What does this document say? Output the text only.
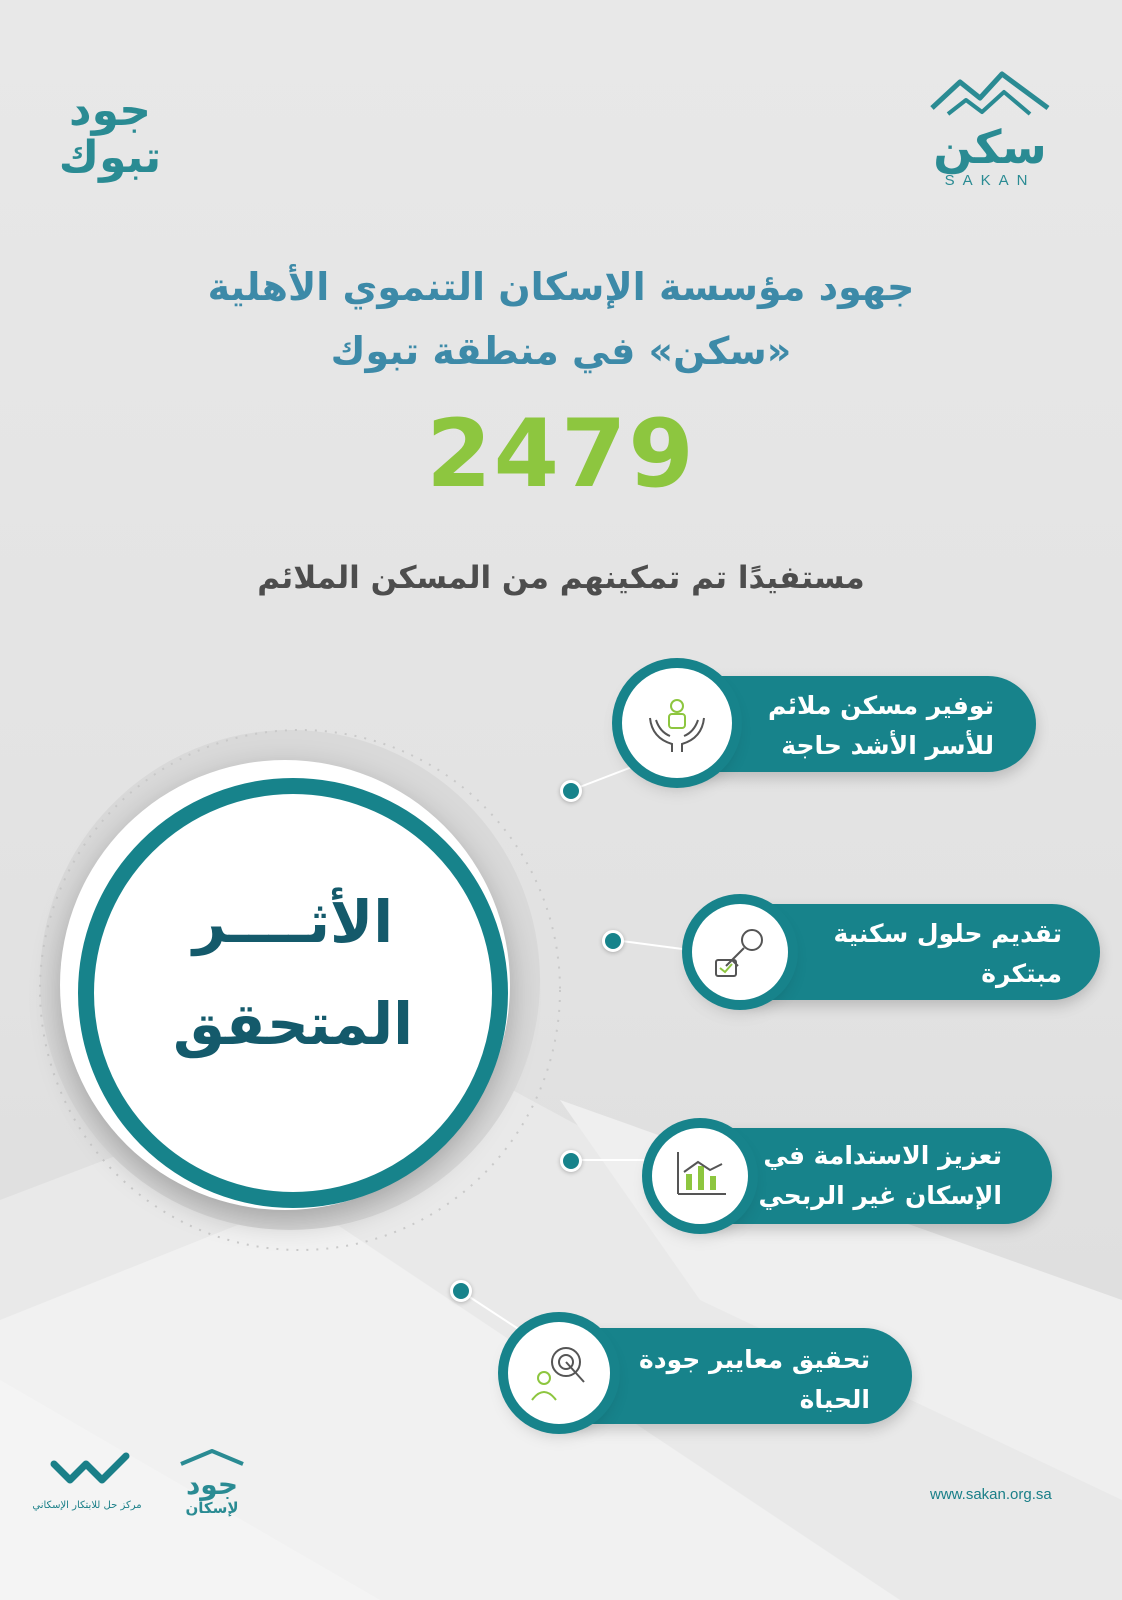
جود
تبوك	سكن
SAKAN
جهود مؤسسة الإسكان التنموي الأهلية
«سكن» في منطقة تبوك
2479
مستفيدًا تم تمكينهم من المسكن الملائم
الأثــــر
المتحقق
توفير مسكن ملائم
للأسر الأشد حاجة
تقديم حلول سكنية
مبتكرة
تعزيز الاستدامة في
الإسكان غير الربحي
تحقيق معايير جودة
الحياة
مركز حل للابتكار الإسكاني
جود
لإسكان
www.sakan.org.sa
